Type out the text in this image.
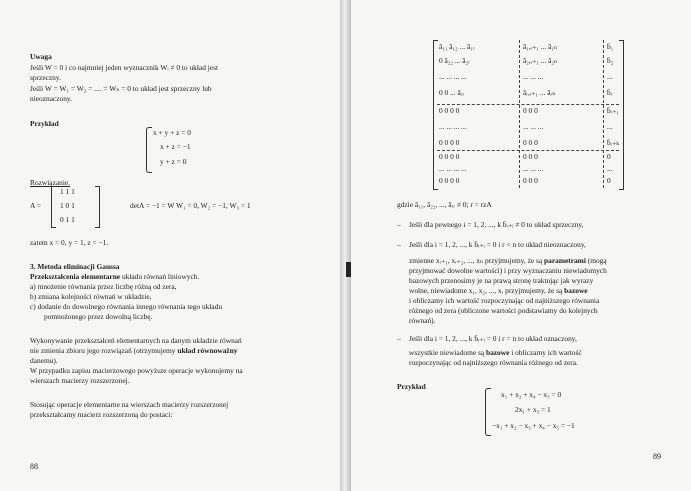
Uwaga
Jeśli W = 0 i co najmniej jeden wyznacznik Wᵢ ≠ 0 to układ jest
sprzeczny.
Jeśli W = W₁ = W₂ = .... = Wₙ = 0 to układ jest sprzeczny lub
nieoznaczony.
Przykład
x + y + z = 0
x + z = −1
y + z = 0
Rozwiązanie.
A =
1 1 1
1 0 1
0 1 1
detA = −1 = W W₁ = 0, W₂ = −1, W₃ = 1
zatem x = 0, y = 1, z = −1.
3. Metoda eliminacji Gaussa
Przekształcenia elementarne układu równań liniowych.
a) mnożenie równania przez liczbę różną od zera,
b) zmiana kolejności równań w układzie,
c) dodanie do dowolnego równania innego równania tego układu
pomnożonego przez dowolną liczbę.
Wykonywanie przekształceń elementarnych na danym układzie równań
nie zmienia zbioru jego rozwiązań (otrzymujemy układ równoważny
danemu).
W przypadku zapisu macierzowego powyższe operacje wykonujemy na
wierszach macierzy rozszerzonej.
Stosując operacje elementarne na wierszach macierzy rozszerzonej
przekształcamy macierz rozszerzoną do postaci:
88
ā₁₁ ā₁₂ ... ā₁ᵣ	ā₁,ᵣ₊₁ ... ā₁ₙ	b̄₁
0 ā₂₂ ... ā₂ᵣ	ā₂,ᵣ₊₁ ... ā₂ₙ	b̄₂
... ... ... ...	... ... ...	...
0 0 ... āᵣᵣ	āᵣ,ᵣ₊₁ ... āᵣₙ	b̄ᵣ
0 0 0 0	0 0 0	b̄ᵣ₊₁
... ... ... ...	... ... ...	...
0 0 0 0	0 0 0	b̄ᵣ₊ₖ
0 0 0 0	0 0 0	0
... ... ... ...	... ... ...	...
0 0 0 0	0 0 0	0
gdzie ā₁₁, ā₂₂, ..., āᵣᵣ ≠ 0; r = rzA
– Jeśli dla pewnego i = 1, 2, ..., k b̄ᵣ₊ᵢ ≠ 0 to układ sprzeczny,
– Jeśli dla i = 1, 2, ..., k b̄ᵣ₊ᵢ = 0 i r < n to układ nieoznaczony,
zmienne xᵣ₊₁, xᵣ₊₂, ..., xₙ przyjmujemy, że są parametrami (mogą
przyjmować dowolne wartości) i przy wyznaczaniu niewiadomych
bazowych przenosimy je na prawą stronę traktując jak wyrazy
wolne, niewiadome x₁, x₂, ..., xᵣ przyjmujemy, że są bazowe
i obliczamy ich wartość rozpoczynając od najniższego równania
różnego od zera (obliczone wartości podstawiamy do kolejnych
równań).
– Jeśli dla i = 1, 2, ..., k b̄ᵣ₊ᵢ = 0 i r = n to układ oznaczony,
wszystkie niewiadome są bazowe i obliczamy ich wartość
rozpoczynając od najniższego równania różnego od zera.
Przykład
x₁ + x₂ + x₄ − x₅ = 0
2x₁ + x₃ = 1
−x₁ + x₂ − x₃ + x₄ − x₅ = −1
89
